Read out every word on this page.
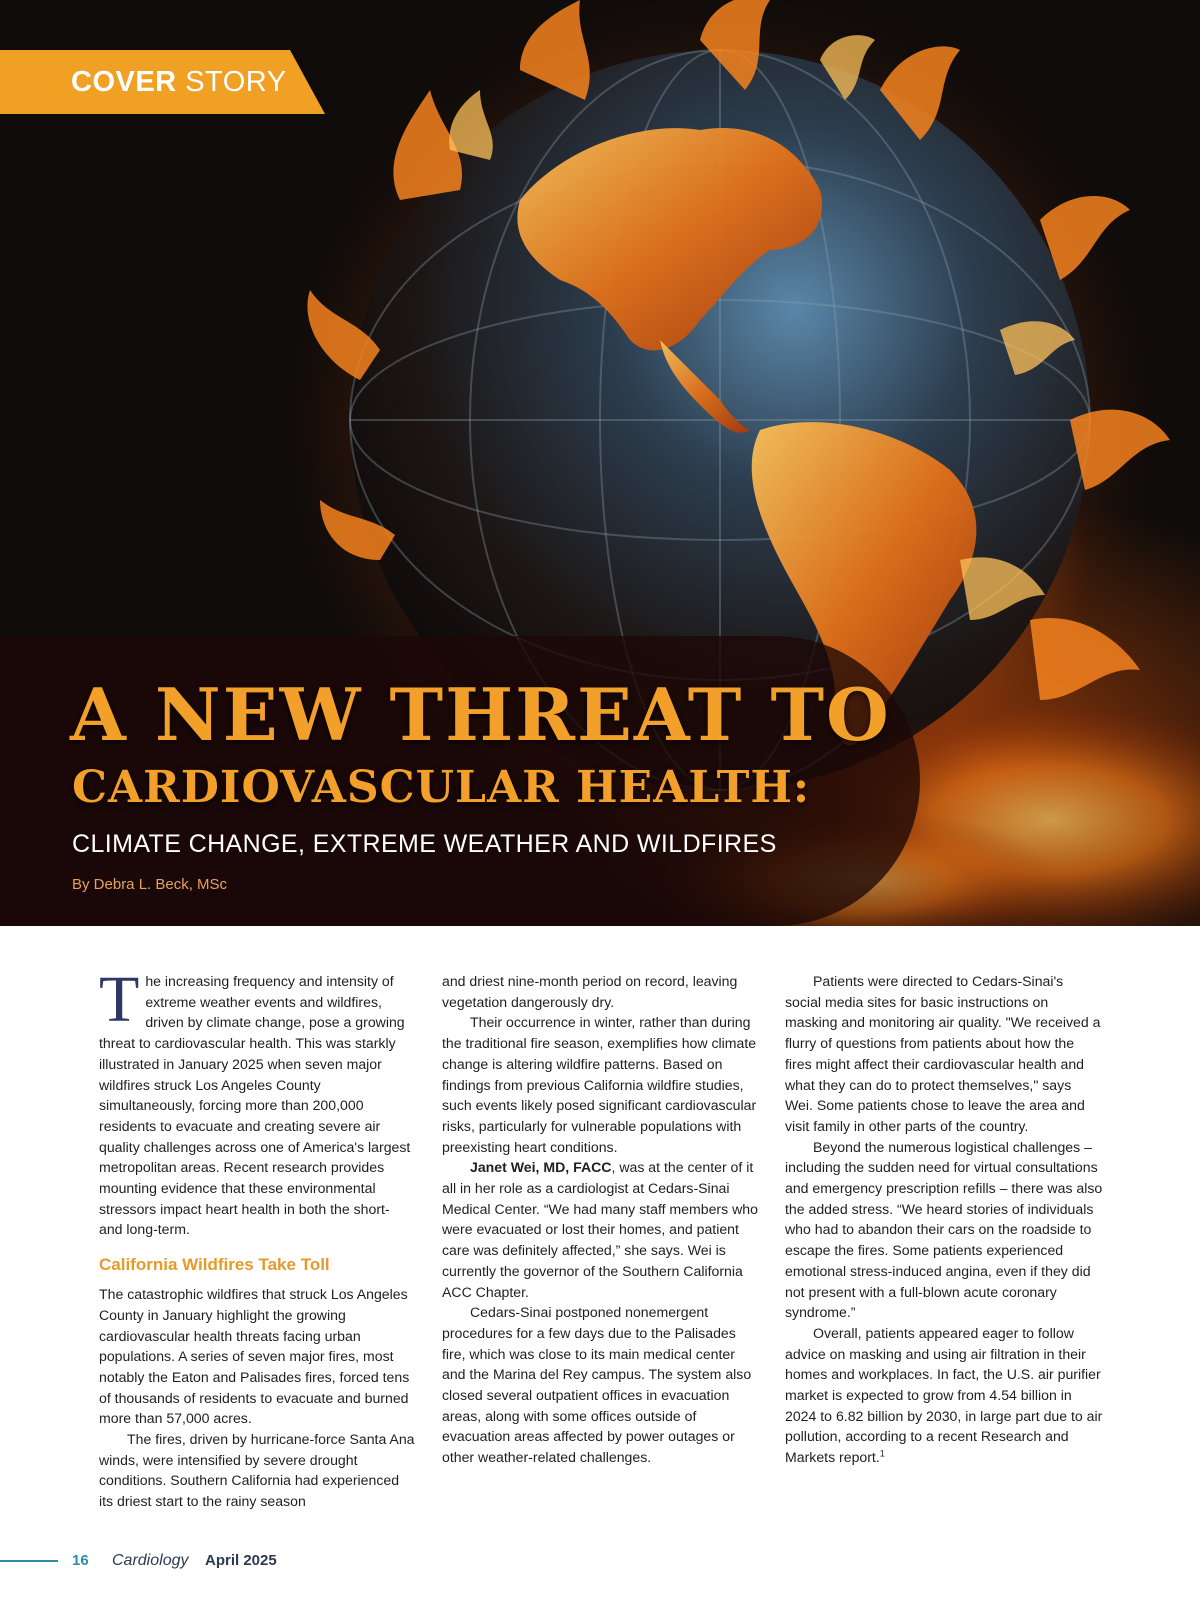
COVER STORY
A NEW THREAT TO
CARDIOVASCULAR HEALTH:
CLIMATE CHANGE, EXTREME WEATHER AND WILDFIRES
By Debra L. Beck, MSc

The increasing frequency and intensity of extreme weather events and wildfires, driven by climate change, pose a growing threat to cardiovascular health. This was starkly illustrated in January 2025 when seven major wildfires struck Los Angeles County simultaneously, forcing more than 200,000 residents to evacuate and creating severe air quality challenges across one of America's largest metropolitan areas. Recent research provides mounting evidence that these environmental stressors impact heart health in both the short- and long-term.

California Wildfires Take Toll

The catastrophic wildfires that struck Los Angeles County in January highlight the growing cardiovascular health threats facing urban populations. A series of seven major fires, most notably the Eaton and Palisades fires, forced tens of thousands of residents to evacuate and burned more than 57,000 acres.

The fires, driven by hurricane-force Santa Ana winds, were intensified by severe drought conditions. Southern California had experienced its driest start to the rainy season

and driest nine-month period on record, leaving vegetation dangerously dry.

Their occurrence in winter, rather than during the traditional fire season, exemplifies how climate change is altering wildfire patterns. Based on findings from previous California wildfire studies, such events likely posed significant cardiovascular risks, particularly for vulnerable populations with preexisting heart conditions.

Janet Wei, MD, FACC, was at the center of it all in her role as a cardiologist at Cedars-Sinai Medical Center. “We had many staff members who were evacuated or lost their homes, and patient care was definitely affected,” she says. Wei is currently the governor of the Southern California ACC Chapter.

Cedars-Sinai postponed nonemergent procedures for a few days due to the Palisades fire, which was close to its main medical center and the Marina del Rey campus. The system also closed several outpatient offices in evacuation areas, along with some offices outside of evacuation areas affected by power outages or other weather-related challenges.

Patients were directed to Cedars-Sinai's social media sites for basic instructions on masking and monitoring air quality. "We received a flurry of questions from patients about how the fires might affect their cardiovascular health and what they can do to protect themselves," says Wei. Some patients chose to leave the area and visit family in other parts of the country.

Beyond the numerous logistical challenges – including the sudden need for virtual consultations and emergency prescription refills – there was also the added stress. “We heard stories of individuals who had to abandon their cars on the roadside to escape the fires. Some patients experienced emotional stress-induced angina, even if they did not present with a full-blown acute coronary syndrome.”

Overall, patients appeared eager to follow advice on masking and using air filtration in their homes and workplaces. In fact, the U.S. air purifier market is expected to grow from 4.54 billion in 2024 to 6.82 billion by 2030, in large part due to air pollution, according to a recent Research and Markets report.$^1$

16 Cardiology April 2025
